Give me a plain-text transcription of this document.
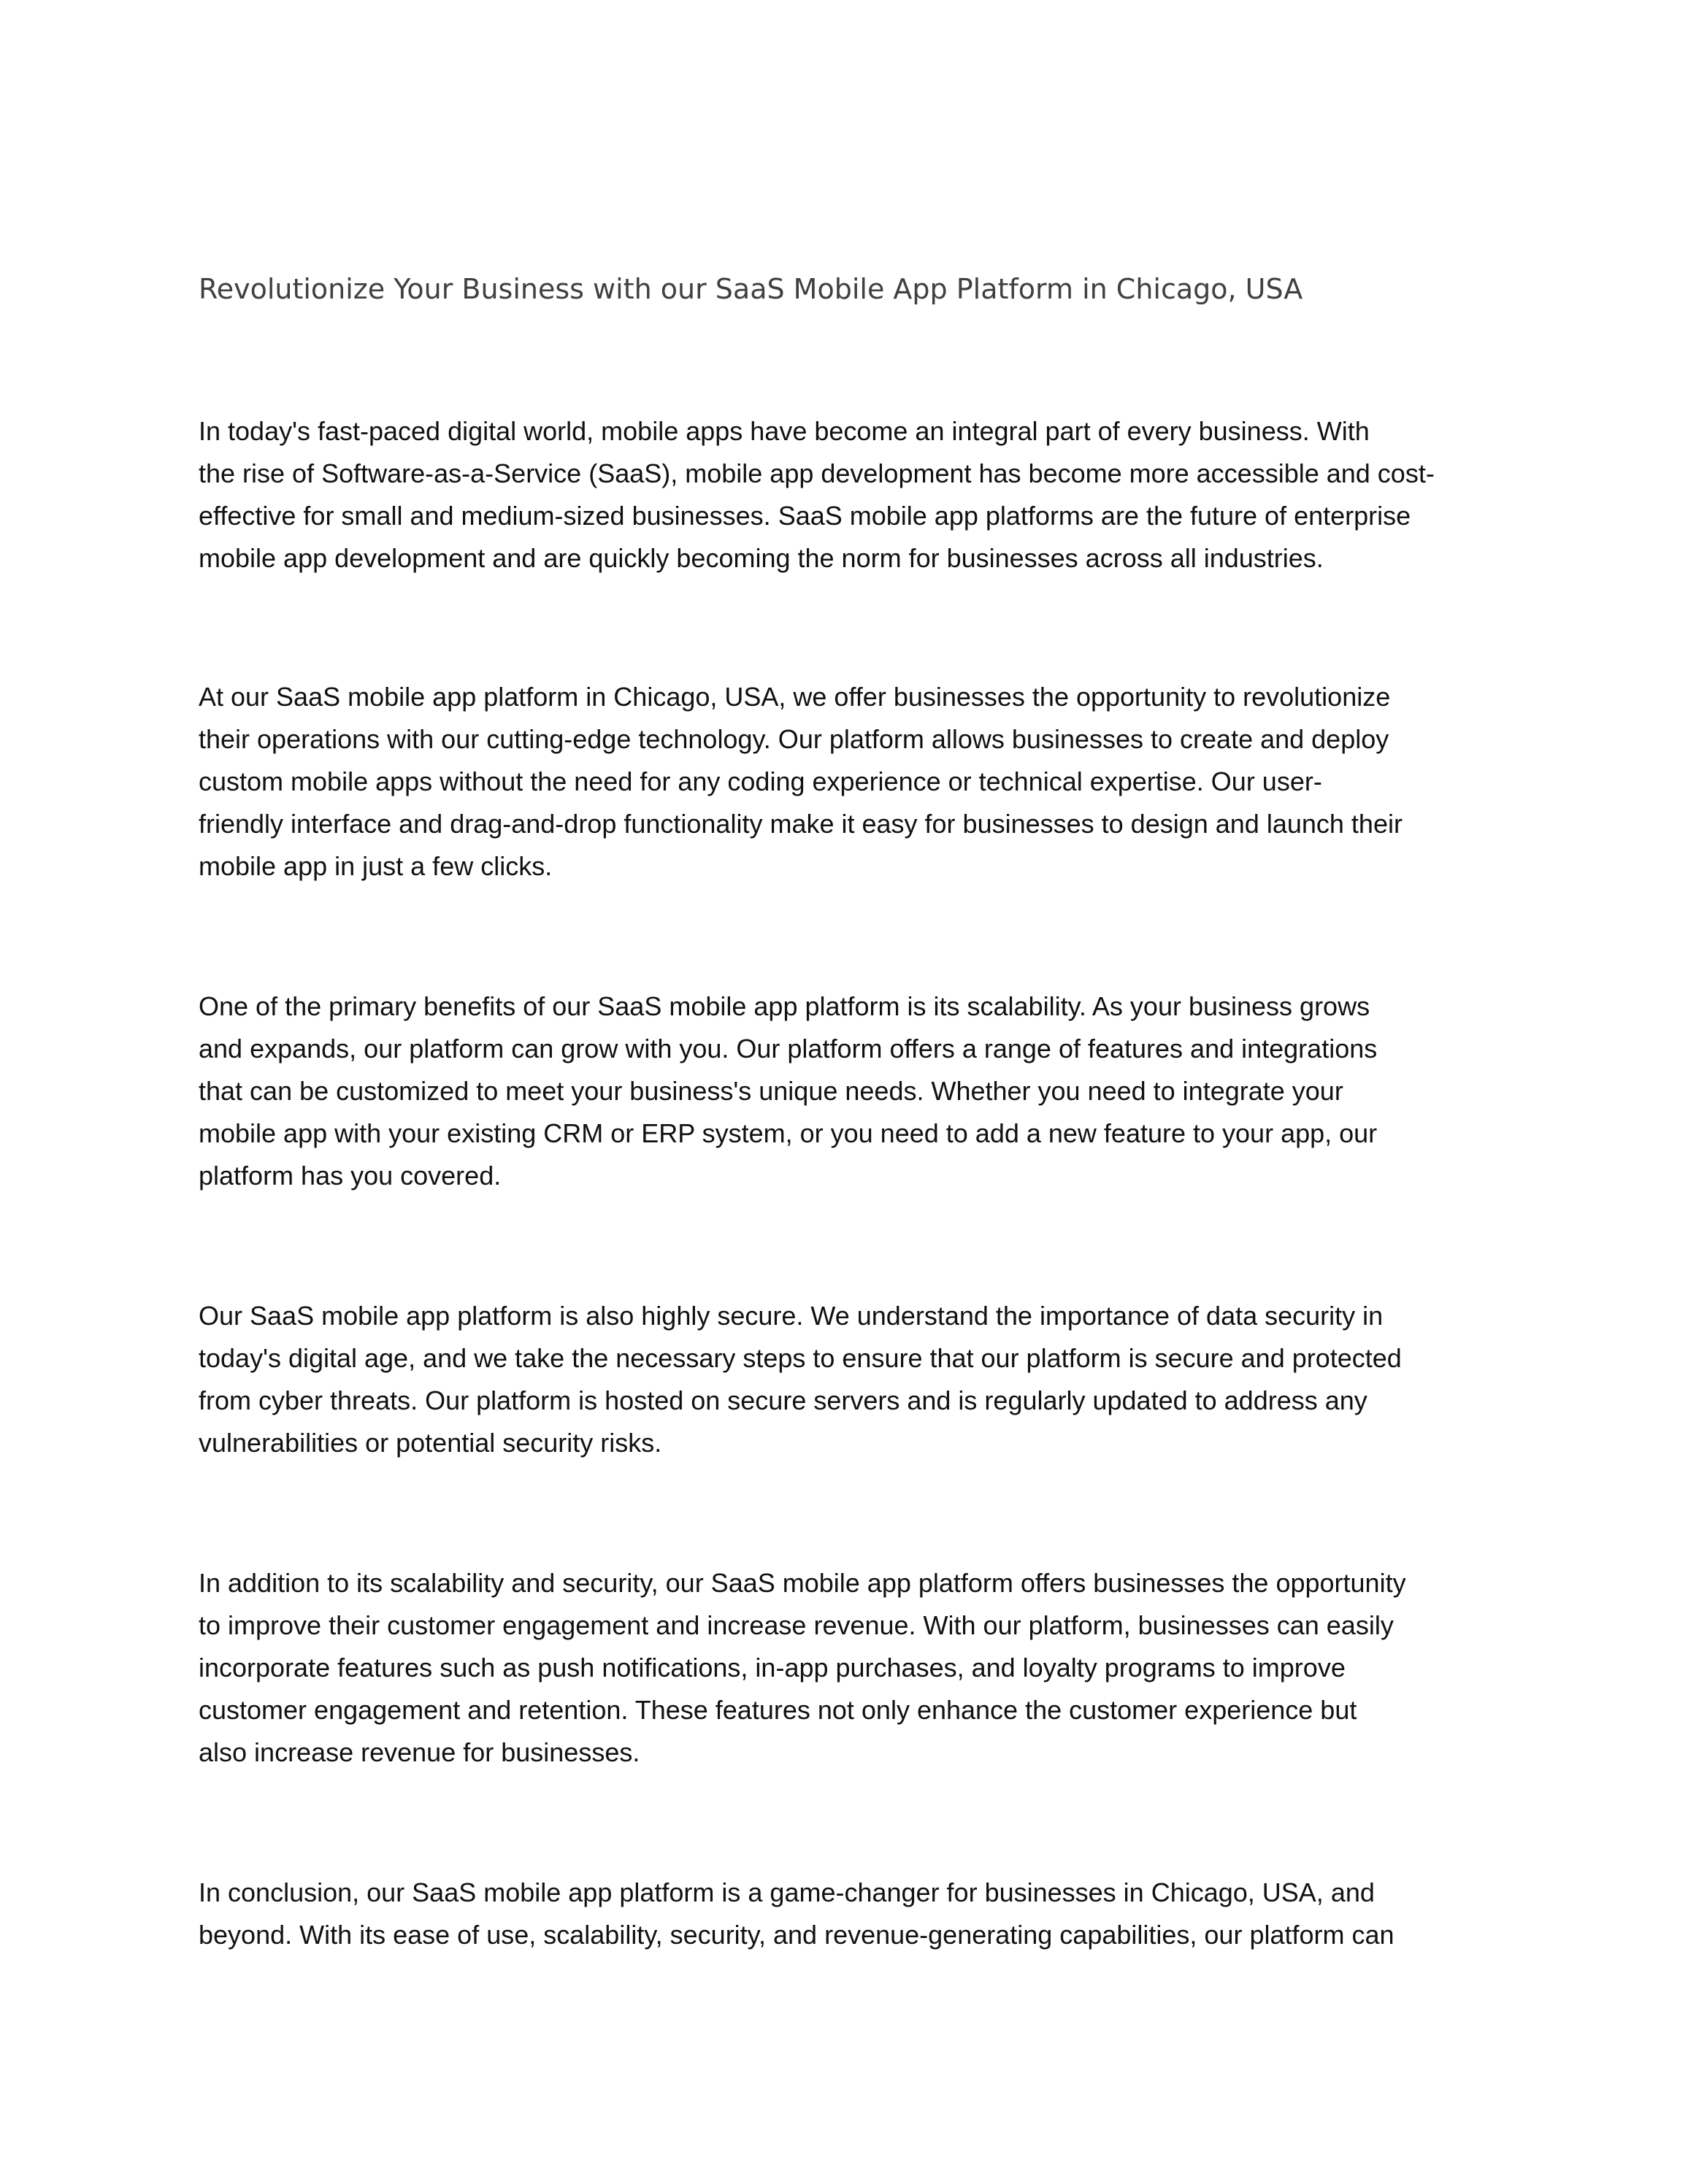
Revolutionize Your Business with our SaaS Mobile App Platform in Chicago, USA

In today's fast-paced digital world, mobile apps have become an integral part of every business. With
the rise of Software-as-a-Service (SaaS), mobile app development has become more accessible and cost-
effective for small and medium-sized businesses. SaaS mobile app platforms are the future of enterprise
mobile app development and are quickly becoming the norm for businesses across all industries.

At our SaaS mobile app platform in Chicago, USA, we offer businesses the opportunity to revolutionize
their operations with our cutting-edge technology. Our platform allows businesses to create and deploy
custom mobile apps without the need for any coding experience or technical expertise. Our user-
friendly interface and drag-and-drop functionality make it easy for businesses to design and launch their
mobile app in just a few clicks.

One of the primary benefits of our SaaS mobile app platform is its scalability. As your business grows
and expands, our platform can grow with you. Our platform offers a range of features and integrations
that can be customized to meet your business's unique needs. Whether you need to integrate your
mobile app with your existing CRM or ERP system, or you need to add a new feature to your app, our
platform has you covered.

Our SaaS mobile app platform is also highly secure. We understand the importance of data security in
today's digital age, and we take the necessary steps to ensure that our platform is secure and protected
from cyber threats. Our platform is hosted on secure servers and is regularly updated to address any
vulnerabilities or potential security risks.

In addition to its scalability and security, our SaaS mobile app platform offers businesses the opportunity
to improve their customer engagement and increase revenue. With our platform, businesses can easily
incorporate features such as push notifications, in-app purchases, and loyalty programs to improve
customer engagement and retention. These features not only enhance the customer experience but
also increase revenue for businesses.

In conclusion, our SaaS mobile app platform is a game-changer for businesses in Chicago, USA, and
beyond. With its ease of use, scalability, security, and revenue-generating capabilities, our platform can
